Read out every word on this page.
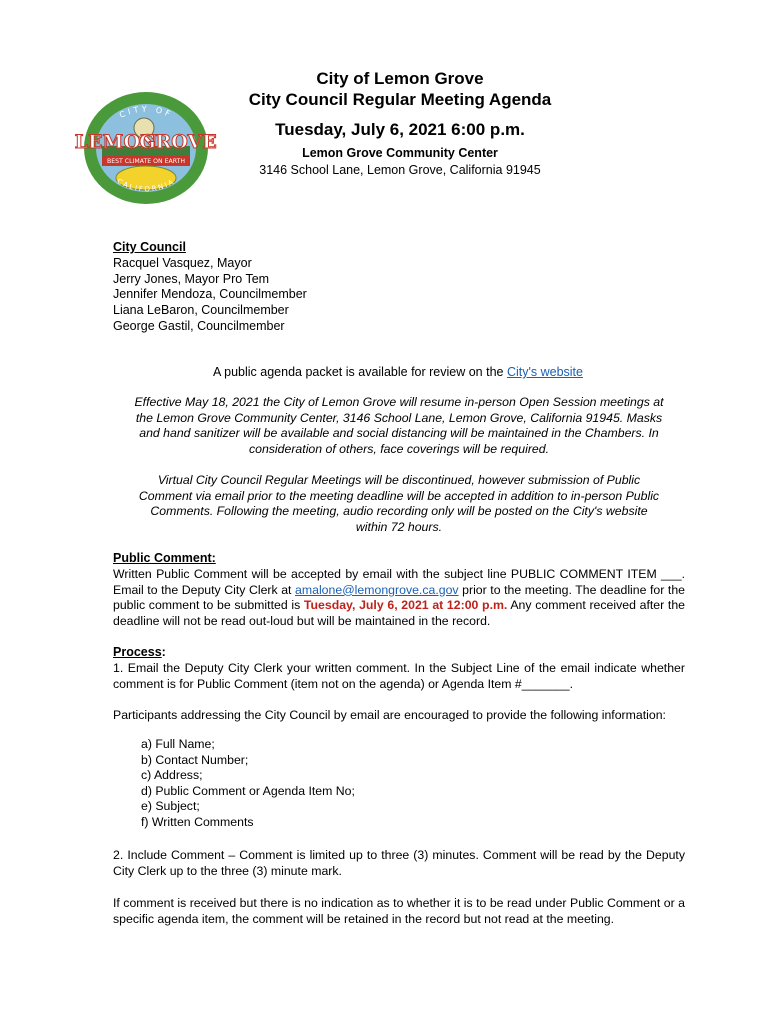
CITY OF
CALIFORNIA
LEMON
GROVE
BEST CLIMATE ON EARTH
City of Lemon Grove
City Council Regular Meeting Agenda
Tuesday, July 6, 2021 6:00 p.m.
Lemon Grove Community Center
3146 School Lane, Lemon Grove, California 91945
City Council
Racquel Vasquez, Mayor
Jerry Jones, Mayor Pro Tem
Jennifer Mendoza, Councilmember
Liana LeBaron, Councilmember
George Gastil, Councilmember
A public agenda packet is available for review on the City's website
Effective May 18, 2021 the City of Lemon Grove will resume in-person Open Session meetings at
the Lemon Grove Community Center, 3146 School Lane, Lemon Grove, California 91945. Masks
and hand sanitizer will be available and social distancing will be maintained in the Chambers. In
consideration of others, face coverings will be required.
Virtual City Council Regular Meetings will be discontinued, however submission of Public
Comment via email prior to the meeting deadline will be accepted in addition to in-person Public
Comments. Following the meeting, audio recording only will be posted on the City's website
within 72 hours.
Public Comment:
Written Public Comment will be accepted by email with the subject line PUBLIC COMMENT ITEM ___. Email to the Deputy City Clerk at amalone@lemongrove.ca.gov prior to the meeting. The deadline for the public comment to be submitted is Tuesday, July 6, 2021 at 12:00 p.m. Any comment received after the deadline will not be read out-loud but will be maintained in the record.
Process:
1. Email the Deputy City Clerk your written comment. In the Subject Line of the email indicate whether comment is for Public Comment (item not on the agenda) or Agenda Item #_______.
Participants addressing the City Council by email are encouraged to provide the following information:
a) Full Name;
b) Contact Number;
c) Address;
d) Public Comment or Agenda Item No;
e) Subject;
f) Written Comments
2. Include Comment – Comment is limited up to three (3) minutes. Comment will be read by the Deputy City Clerk up to the three (3) minute mark.
If comment is received but there is no indication as to whether it is to be read under Public Comment or a specific agenda item, the comment will be retained in the record but not read at the meeting.
